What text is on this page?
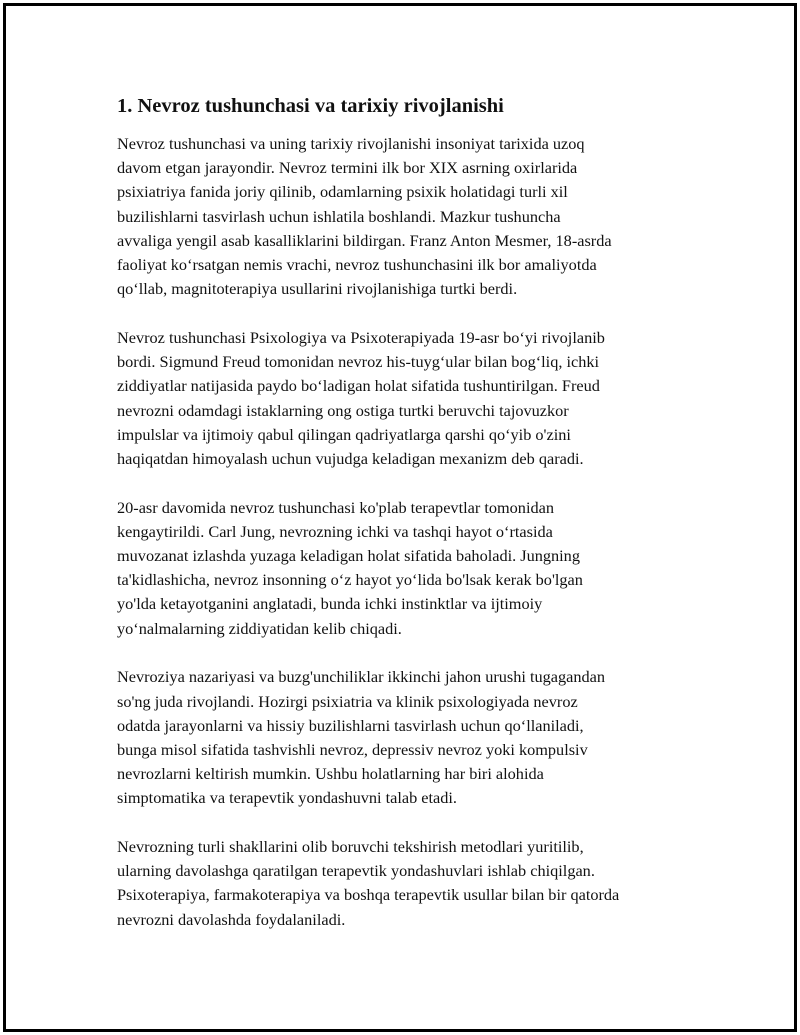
1. Nevroz tushunchasi va tarixiy rivojlanishi

Nevroz tushunchasi va uning tarixiy rivojlanishi insoniyat tarixida uzoq
davom etgan jarayondir. Nevroz termini ilk bor XIX asrning oxirlarida
psixiatriya fanida joriy qilinib, odamlarning psixik holatidagi turli xil
buzilishlarni tasvirlash uchun ishlatila boshlandi. Mazkur tushuncha
avvaliga yengil asab kasalliklarini bildirgan. Franz Anton Mesmer, 18-asrda
faoliyat ko‘rsatgan nemis vrachi, nevroz tushunchasini ilk bor amaliyotda
qo‘llab, magnitoterapiya usullarini rivojlanishiga turtki berdi.

Nevroz tushunchasi Psixologiya va Psixoterapiyada 19-asr bo‘yi rivojlanib
bordi. Sigmund Freud tomonidan nevroz his-tuyg‘ular bilan bog‘liq, ichki
ziddiyatlar natijasida paydo bo‘ladigan holat sifatida tushuntirilgan. Freud
nevrozni odamdagi istaklarning ong ostiga turtki beruvchi tajovuzkor
impulslar va ijtimoiy qabul qilingan qadriyatlarga qarshi qo‘yib o'zini
haqiqatdan himoyalash uchun vujudga keladigan mexanizm deb qaradi.

20-asr davomida nevroz tushunchasi ko'plab terapevtlar tomonidan
kengaytirildi. Carl Jung, nevrozning ichki va tashqi hayot o‘rtasida
muvozanat izlashda yuzaga keladigan holat sifatida baholadi. Jungning
ta'kidlashicha, nevroz insonning o‘z hayot yo‘lida bo'lsak kerak bo'lgan
yo'lda ketayotganini anglatadi, bunda ichki instinktlar va ijtimoiy
yo‘nalmalarning ziddiyatidan kelib chiqadi.

Nevroziya nazariyasi va buzg'unchiliklar ikkinchi jahon urushi tugagandan
so'ng juda rivojlandi. Hozirgi psixiatria va klinik psixologiyada nevroz
odatda jarayonlarni va hissiy buzilishlarni tasvirlash uchun qo‘llaniladi,
bunga misol sifatida tashvishli nevroz, depressiv nevroz yoki kompulsiv
nevrozlarni keltirish mumkin. Ushbu holatlarning har biri alohida
simptomatika va terapevtik yondashuvni talab etadi.

Nevrozning turli shakllarini olib boruvchi tekshirish metodlari yuritilib,
ularning davolashga qaratilgan terapevtik yondashuvlari ishlab chiqilgan.
Psixoterapiya, farmakoterapiya va boshqa terapevtik usullar bilan bir qatorda
nevrozni davolashda foydalaniladi.
